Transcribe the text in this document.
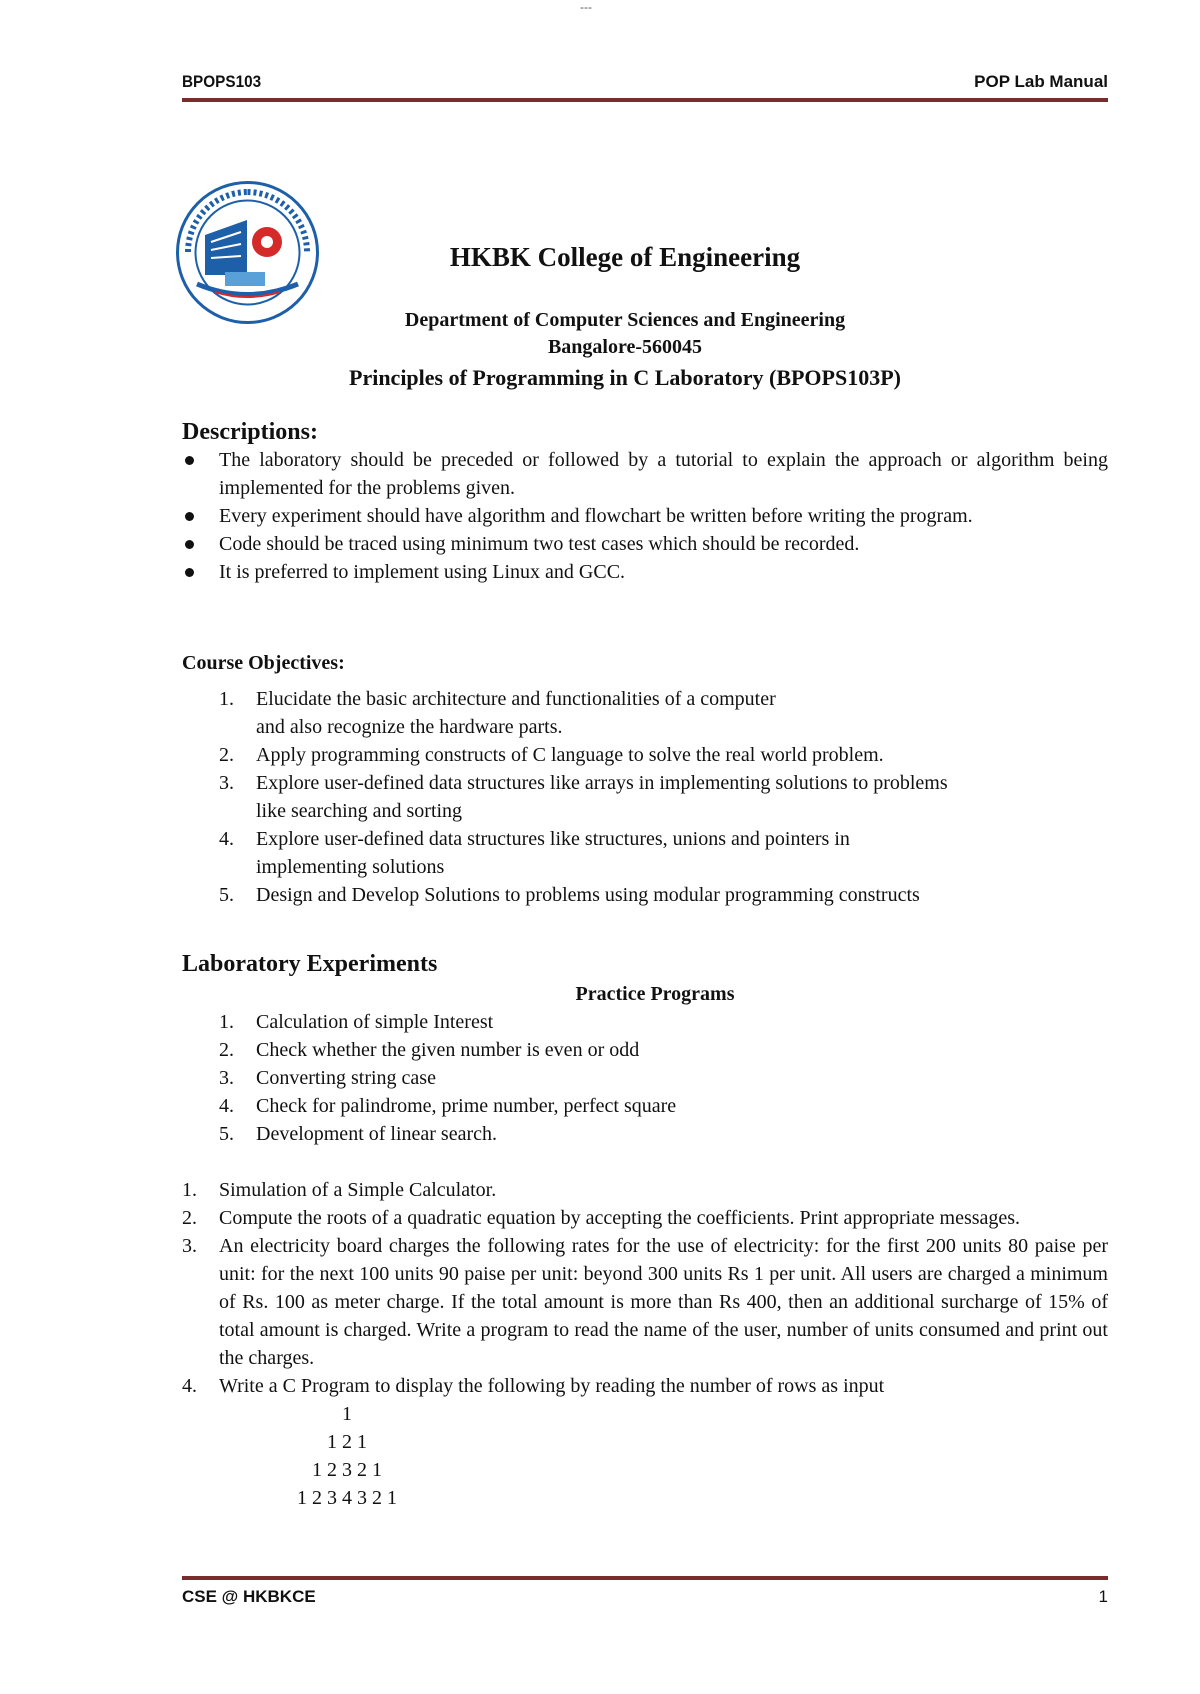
---
BPOPS103	POP Lab Manual
HKBK College of Engineering
Department of Computer Sciences and Engineering
Bangalore-560045
Principles of Programming in C Laboratory (BPOPS103P)
Descriptions:
The laboratory should be preceded or followed by a tutorial to explain the approach or algorithm being implemented for the problems given.
Every experiment should have algorithm and flowchart be written before writing the program.
Code should be traced using minimum two test cases which should be recorded.
It is preferred to implement using Linux and GCC.
Course Objectives:
1. Elucidate the basic architecture and functionalities of a computer
and also recognize the hardware parts.
2. Apply programming constructs of C language to solve the real world problem.
3. Explore user-defined data structures like arrays in implementing solutions to problems
like searching and sorting
4. Explore user-defined data structures like structures, unions and pointers in
implementing solutions
5. Design and Develop Solutions to problems using modular programming constructs
Laboratory Experiments
Practice Programs
1. Calculation of simple Interest
2. Check whether the given number is even or odd
3. Converting string case
4. Check for palindrome, prime number, perfect square
5. Development of linear search.
1. Simulation of a Simple Calculator.
2. Compute the roots of a quadratic equation by accepting the coefficients. Print appropriate messages.
3. An electricity board charges the following rates for the use of electricity: for the first 200 units 80 paise per unit: for the next 100 units 90 paise per unit: beyond 300 units Rs 1 per unit. All users are charged a minimum of Rs. 100 as meter charge. If the total amount is more than Rs 400, then an additional surcharge of 15% of total amount is charged. Write a program to read the name of the user, number of units consumed and print out the charges.
4. Write a C Program to display the following by reading the number of rows as input
1
1 2 1
1 2 3 2 1
1 2 3 4 3 2 1
CSE @ HKBKCE	1
